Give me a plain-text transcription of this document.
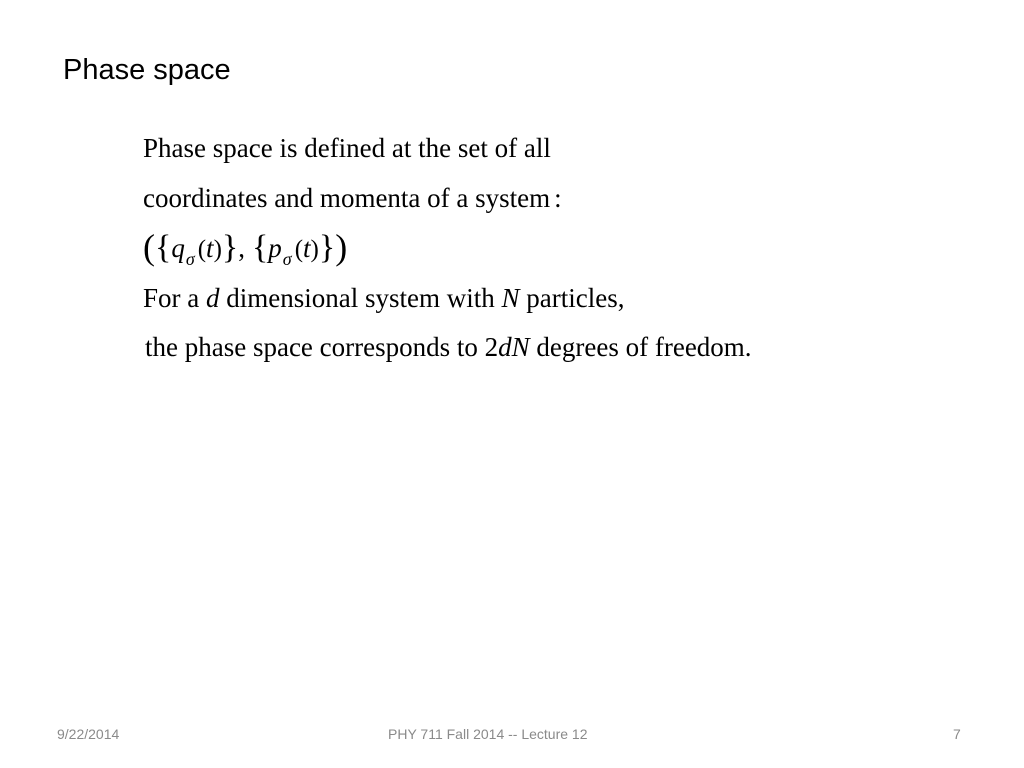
Phase space
Phase space is defined at the set of all
coordinates and momenta of a system :
({$q_\sigma$ (t)}, {$p_\sigma$ (t)})
For a d dimensional system with N particles,
the phase space corresponds to 2dN degrees of freedom.
9/22/2014	PHY 711 Fall 2014 -- Lecture 12	7
